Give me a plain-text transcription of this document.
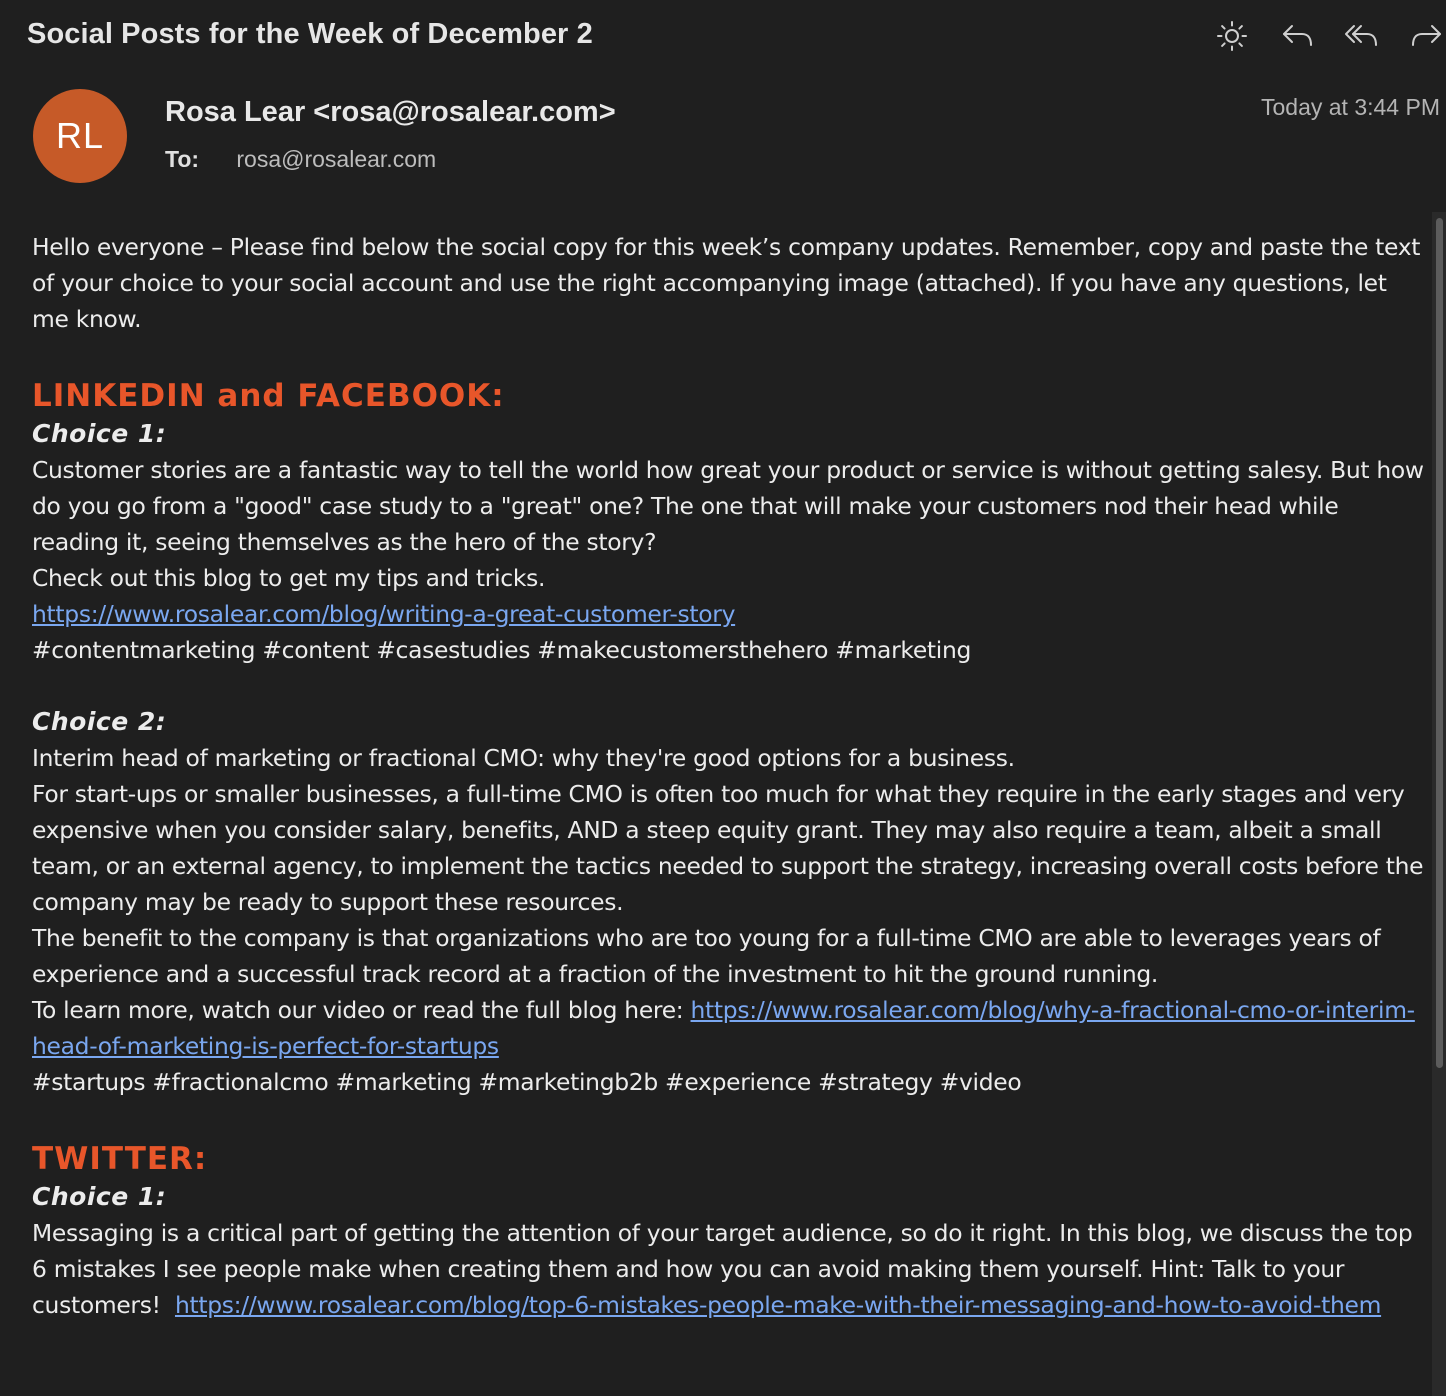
Social Posts for the Week of December 2
RL
Rosa Lear <rosa@rosalear.com>
To: rosa@rosalear.com
Today at 3:44 PM

Hello everyone – Please find below the social copy for this week’s company updates. Remember, copy and paste the text of your choice to your social account and use the right accompanying image (attached). If you have any questions, let me know.

LINKEDIN and FACEBOOK:

Choice 1:

Customer stories are a fantastic way to tell the world how great your product or service is without getting salesy. But how do you go from a "good" case study to a "great" one? The one that will make your customers nod their head while reading it, seeing themselves as the hero of the story?

Check out this blog to get my tips and tricks.

https://www.rosalear.com/blog/writing-a-great-customer-story

#contentmarketing #content #casestudies #makecustomersthehero #marketing

Choice 2:

Interim head of marketing or fractional CMO: why they're good options for a business.

For start-ups or smaller businesses, a full-time CMO is often too much for what they require in the early stages and very expensive when you consider salary, benefits, AND a steep equity grant. They may also require a team, albeit a small team, or an external agency, to implement the tactics needed to support the strategy, increasing overall costs before the company may be ready to support these resources.

The benefit to the company is that organizations who are too young for a full-time CMO are able to leverages years of experience and a successful track record at a fraction of the investment to hit the ground running.

To learn more, watch our video or read the full blog here: https://www.rosalear.com/blog/why-a-fractional-cmo-or-interim-head-of-marketing-is-perfect-for-startups

#startups #fractionalcmo #marketing #marketingb2b #experience #strategy #video

TWITTER:

Choice 1:

Messaging is a critical part of getting the attention of your target audience, so do it right. In this blog, we discuss the top 6 mistakes I see people make when creating them and how you can avoid making them yourself. Hint: Talk to your customers!  https://www.rosalear.com/blog/top-6-mistakes-people-make-with-their-messaging-and-how-to-avoid-them
